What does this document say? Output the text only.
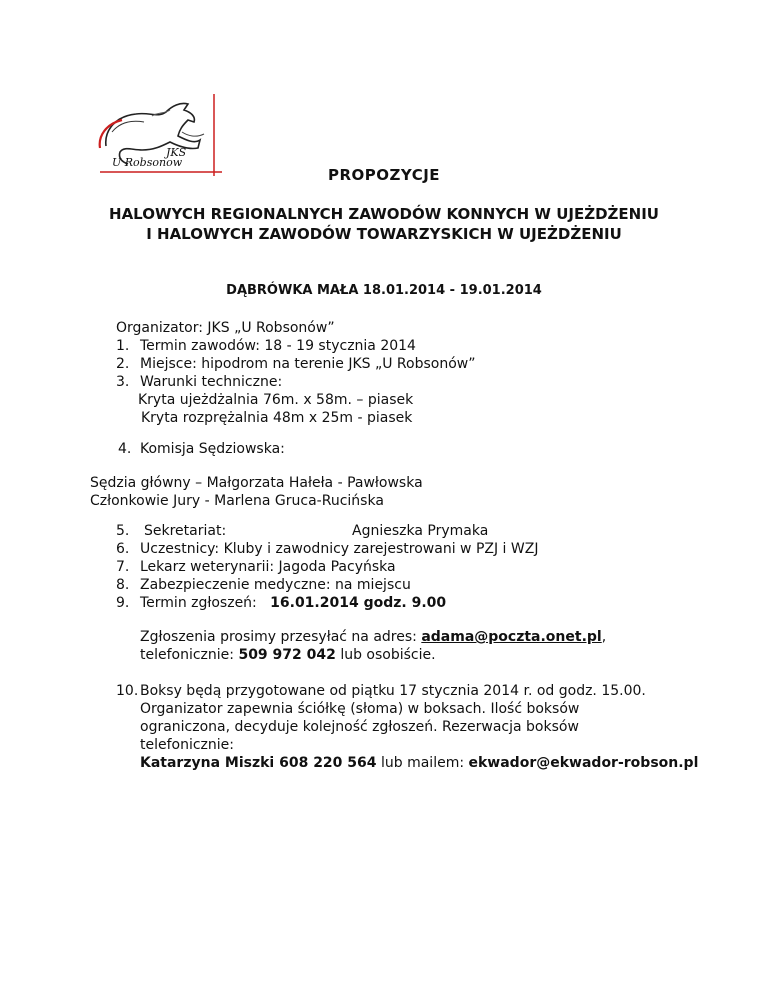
JKS
U Robsonow
PROPOZYCJE
HALOWYCH REGIONALNYCH ZAWODÓW KONNYCH W UJEŻDŻENIU
I HALOWYCH ZAWODÓW TOWARZYSKICH W UJEŻDŻENIU
DĄBRÓWKA MAŁA 18.01.2014 - 19.01.2014
Organizator: JKS „U Robsonów”
1. Termin zawodów: 18 - 19 stycznia 2014
2. Miejsce: hipodrom na terenie JKS „U Robsonów”
3. Warunki techniczne:
Kryta ujeżdżalnia 76m. x 58m. – piasek
Kryta rozprężalnia 48m x 25m - piasek
4. Komisja Sędziowska:
Sędzia główny – Małgorzata Hałeła - Pawłowska
Członkowie Jury - Marlena Gruca-Rucińska
5. Sekretariat:	Agnieszka Prymaka
6. Uczestnicy: Kluby i zawodnicy zarejestrowani w PZJ i WZJ
7. Lekarz weterynarii: Jagoda Pacyńska
8. Zabezpieczenie medyczne: na miejscu
9. Termin zgłoszeń: 16.01.2014 godz. 9.00
Zgłoszenia prosimy przesyłać na adres: adama@poczta.onet.pl,
telefonicznie: 509 972 042 lub osobiście.
10. Boksy będą przygotowane od piątku 17 stycznia 2014 r. od godz. 15.00.
Organizator zapewnia ściółkę (słoma) w boksach. Ilość boksów
ograniczona, decyduje kolejność zgłoszeń. Rezerwacja boksów
telefonicznie:
Katarzyna Miszki 608 220 564 lub mailem: ekwador@ekwador-robson.pl
